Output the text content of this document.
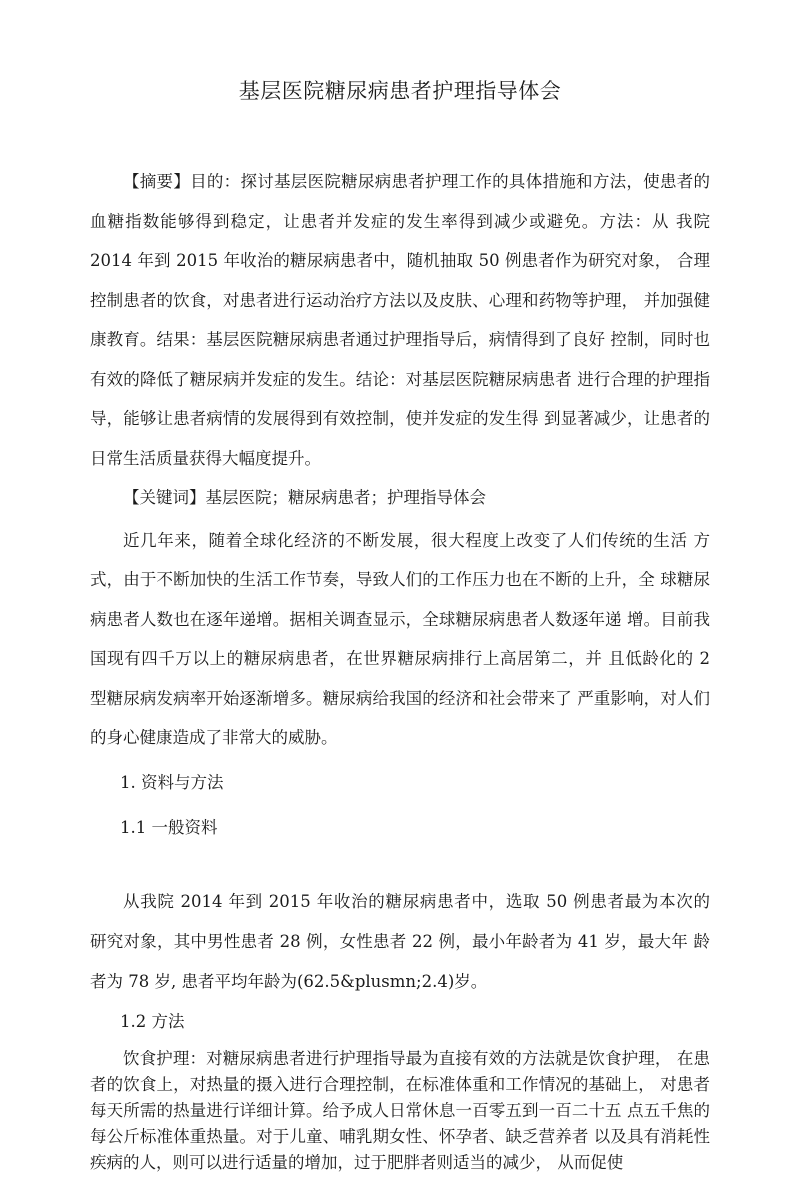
基层医院糖尿病患者护理指导体会

【摘要】目的：探讨基层医院糖尿病患者护理工作的具体措施和方法，使患者的血糖指数能够得到稳定，让患者并发症的发生率得到减少或避免。方法：从 我院 2014 年到 2015 年收治的糖尿病患者中，随机抽取 50 例患者作为研究对象， 合理控制患者的饮食，对患者进行运动治疗方法以及皮肤、心理和药物等护理， 并加强健康教育。结果：基层医院糖尿病患者通过护理指导后，病情得到了良好 控制，同时也有效的降低了糖尿病并发症的发生。结论：对基层医院糖尿病患者 进行合理的护理指导，能够让患者病情的发展得到有效控制，使并发症的发生得 到显著减少，让患者的日常生活质量获得大幅度提升。

【关键词】基层医院；糖尿病患者；护理指导体会

近几年来，随着全球化经济的不断发展，很大程度上改变了人们传统的生活 方式，由于不断加快的生活工作节奏，导致人们的工作压力也在不断的上升，全 球糖尿病患者人数也在逐年递增。据相关调查显示，全球糖尿病患者人数逐年递 增。目前我国现有四千万以上的糖尿病患者，在世界糖尿病排行上高居第二，并 且低龄化的 2 型糖尿病发病率开始逐渐增多。糖尿病给我国的经济和社会带来了 严重影响，对人们的身心健康造成了非常大的威胁。

1. 资料与方法

1.1 一般资料

从我院 2014 年到 2015 年收治的糖尿病患者中，选取 50 例患者最为本次的 研究对象，其中男性患者 28 例，女性患者 22 例，最小年龄者为 41 岁，最大年 龄者为 78 岁, 患者平均年龄为(62.5&plusmn;2.4)岁。

1.2 方法

饮食护理：对糖尿病患者进行护理指导最为直接有效的方法就是饮食护理， 在患者的饮食上，对热量的摄入进行合理控制，在标准体重和工作情况的基础上， 对患者每天所需的热量进行详细计算。给予成人日常休息一百零五到一百二十五 点五千焦的每公斤标准体重热量。对于儿童、哺乳期女性、怀孕者、缺乏营养者 以及具有消耗性疾病的人，则可以进行适量的增加，过于肥胖者则适当的减少， 从而促使
